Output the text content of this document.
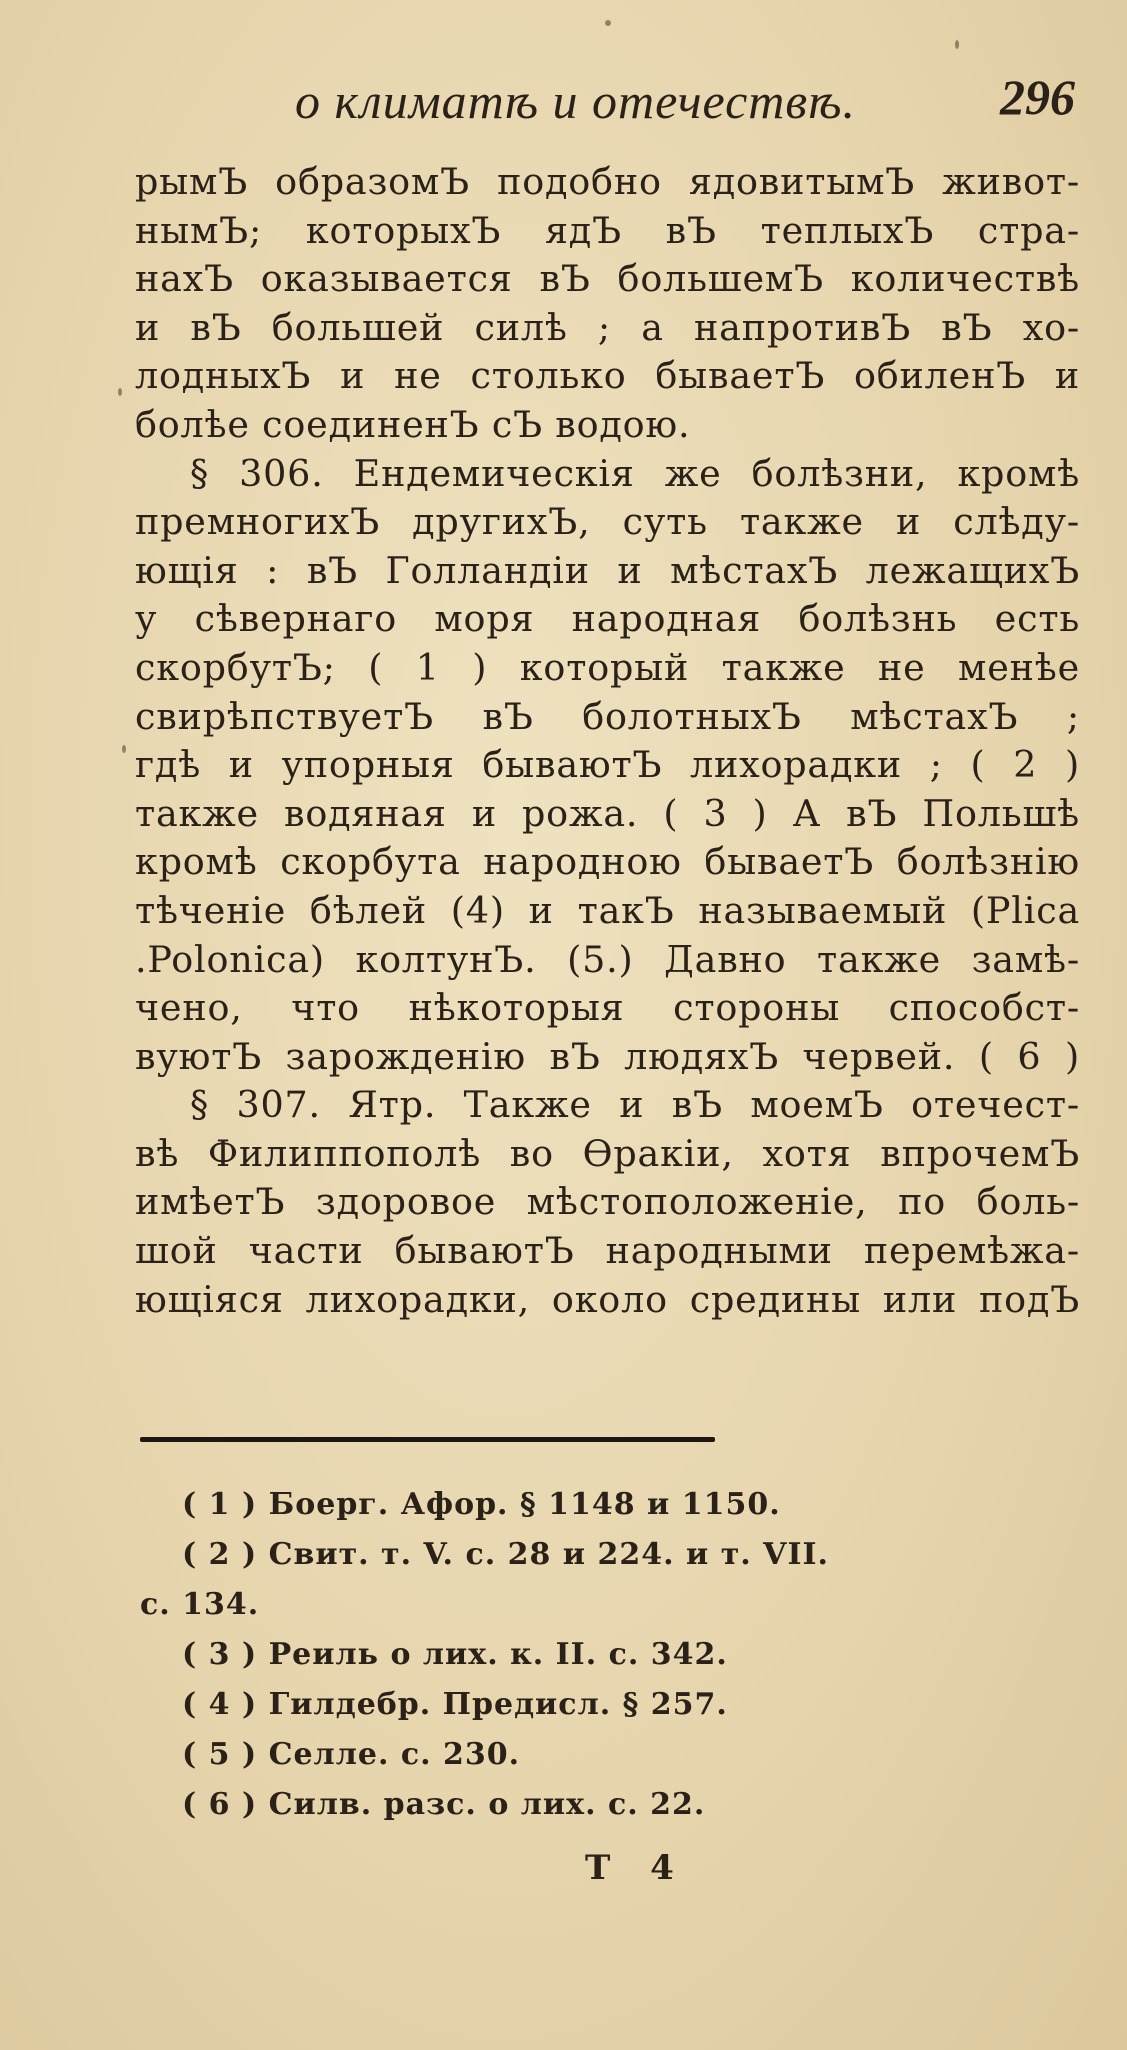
о климатѣ и отечествѣ.	296
рымЪ образомЪ подобно ядовитымЪ живот-
нымЪ; которыхЪ ядЪ вЪ теплыхЪ стра-
нахЪ оказывается вЪ большемЪ количествѣ
и вЪ большей силѣ ; а напротивЪ вЪ хо-
лодныхЪ и не столько бываетЪ обиленЪ и
болѣе соединенЪ сЪ водою.
§ 306. Ендемическія же болѣзни, кромѣ
премногихЪ другихЪ, суть также и слѣду-
ющія : вЪ Голландіи и мѣстахЪ лежащихЪ
у сѣвернаго моря народная болѣзнь есть
скорбутЪ; ( 1 ) который также не менѣе
свирѣпствуетЪ вЪ болотныхЪ мѣстахЪ ;
гдѣ и упорныя бываютЪ лихорадки ; ( 2 )
также водяная и рожа. ( 3 ) А вЪ Польшѣ
кромѣ скорбута народною бываетЪ болѣзнію
тѣченіе бѣлей (4) и такЪ называемый (Plica
.Polonica) колтунЪ. (5.) Давно также замѣ-
чено, что нѣкоторыя стороны способст-
вуютЪ зарожденію вЪ людяхЪ червей. ( 6 )
§ 307. Ятр. Также и вЪ моемЪ отечест-
вѣ Филиппополѣ во Ѳракіи, хотя впрочемЪ
имѣетЪ здоровое мѣстоположеніе, по боль-
шой части бываютЪ народными перемѣжа-
ющіяся лихорадки, около средины или подЪ
( 1 ) Боерг. Афор. § 1148 и 1150.
( 2 ) Свит. т. V. с. 28 и 224. и т. VII.
с. 134.
( 3 ) Реиль о лих. к. II. с. 342.
( 4 ) Гилдебр. Предисл. § 257.
( 5 ) Селле. с. 230.
( 6 ) Силв. разс. о лих. с. 22.
Т 4
